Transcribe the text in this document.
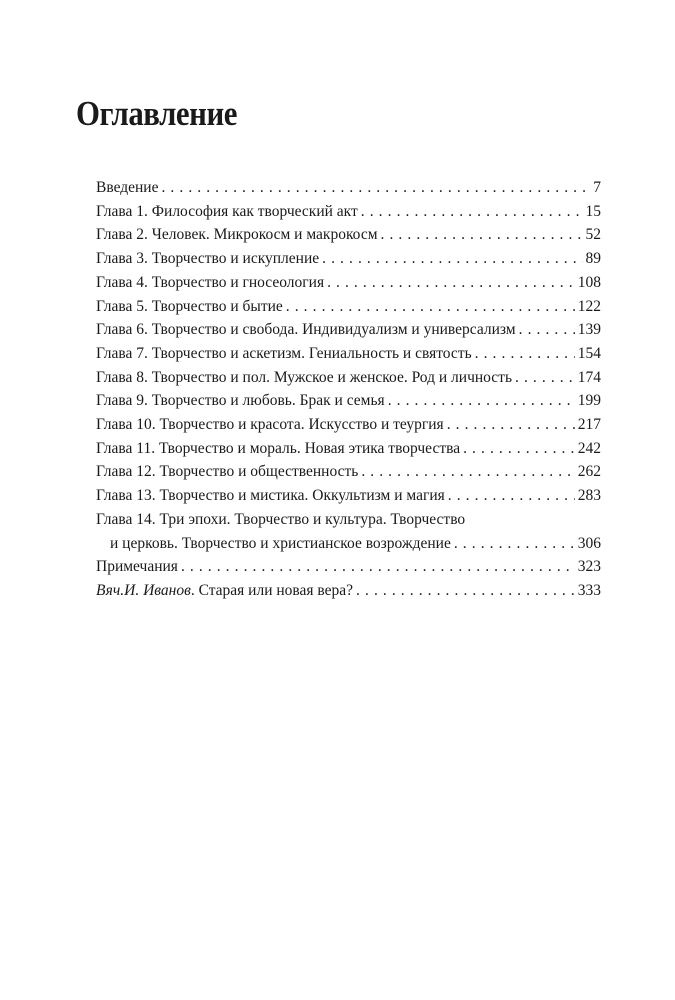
Оглавление
Введение . . .	7
Глава 1. Философия как творческий акт . . .	15
Глава 2. Человек. Микрокосм и макрокосм . . .	52
Глава 3. Творчество и искупление . . .	89
Глава 4. Творчество и гносеология . . .	108
Глава 5. Творчество и бытие . . .	122
Глава 6. Творчество и свобода. Индивидуализм и универсализм . . .	139
Глава 7. Творчество и аскетизм. Гениальность и святость . . .	154
Глава 8. Творчество и пол. Мужское и женское. Род и личность . . .	174
Глава 9. Творчество и любовь. Брак и семья . . .	199
Глава 10. Творчество и красота. Искусство и теургия . . .	217
Глава 11. Творчество и мораль. Новая этика творчества . . .	242
Глава 12. Творчество и общественность . . .	262
Глава 13. Творчество и мистика. Оккультизм и магия . . .	283
Глава 14. Три эпохи. Творчество и культура. Творчество
и церковь. Творчество и христианское возрождение . . .	306
Примечания . . .	323
Вяч.И. Иванов. Старая или новая вера? . . .	333
